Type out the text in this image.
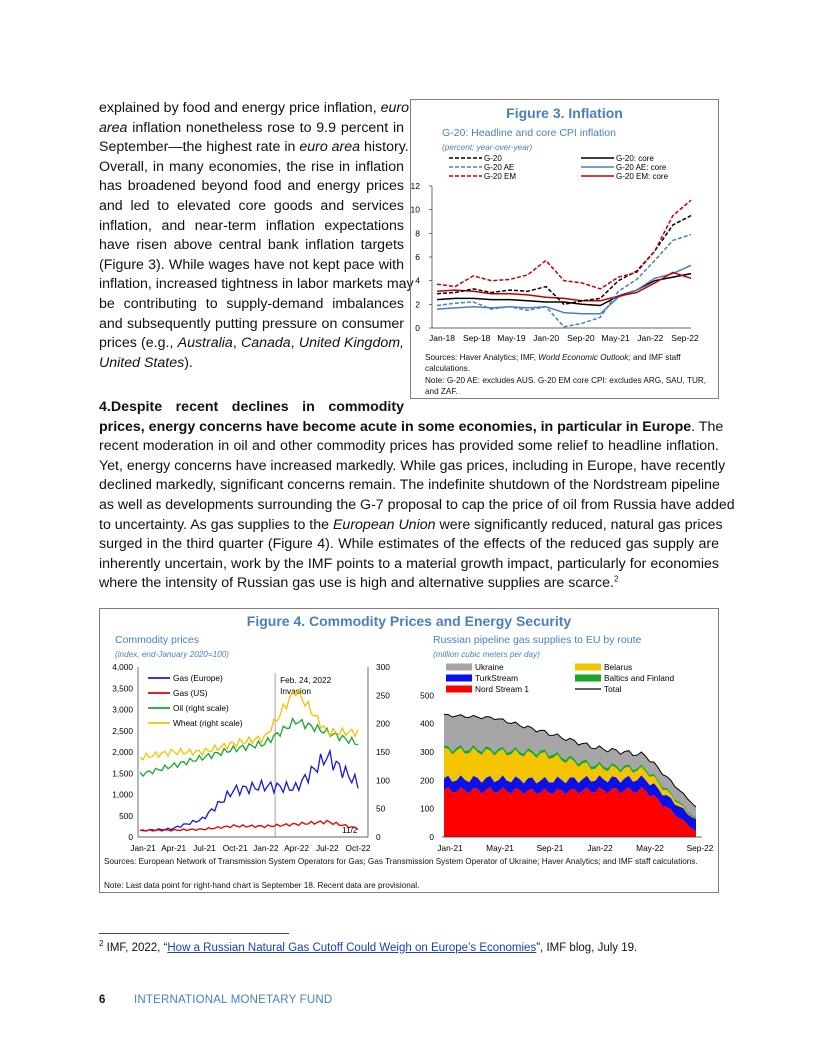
explained by food and energy price inflation, euro
area inflation nonetheless rose to 9.9 percent in
September—the highest rate in euro area history.
Overall, in many economies, the rise in inflation
has broadened beyond food and energy prices
and led to elevated core goods and services
inflation, and near-term inflation expectations
have risen above central bank inflation targets
(Figure 3). While wages have not kept pace with
inflation, increased tightness in labor markets may
be contributing to supply-demand imbalances
and subsequently putting pressure on consumer
prices (e.g., Australia, Canada, United Kingdom,
United States).
Figure 3. Inflation
G-20: Headline and core CPI inflation
(percent; year-over-year)
0
2
4
6
8
10
12
Jan-18 Sep-18 May-19 Jan-20 Sep-20 May-21 Jan-22 Sep-22
G-20	G-20: core
G-20 AE	G-20 AE: core
G-20 EM	G-20 EM: core
Sources: Haver Analytics; IMF, World Economic Outlook; and IMF staff calculations.
Note: G-20 AE: excludes AUS. G-20 EM core CPI: excludes ARG, SAU, TUR, and ZAF.
4.Despite recent declines in commodity
prices, energy concerns have become acute in some economies, in particular in Europe. The
recent moderation in oil and other commodity prices has provided some relief to headline inflation.
Yet, energy concerns have increased markedly. While gas prices, including in Europe, have recently
declined markedly, significant concerns remain. The indefinite shutdown of the Nordstream pipeline
as well as developments surrounding the G-7 proposal to cap the price of oil from Russia have added
to uncertainty. As gas supplies to the European Union were significantly reduced, natural gas prices
surged in the third quarter (Figure 4). While estimates of the effects of the reduced gas supply are
inherently uncertain, work by the IMF points to a material growth impact, particularly for economies
where the intensity of Russian gas use is high and alternative supplies are scarce.$^2$
Figure 4. Commodity Prices and Energy Security
Commodity prices
(index, end-January 2020=100)
Russian pipeline gas supplies to EU by route
(million cubic meters per day)
0
500
1,000
1,500
2,000
2,500
3,000
3,500
4,000
0
50
100
150
200
250
300
Jan-21 Apr-21 Jul-21 Oct-21 Jan-22 Apr-22 Jul-22 Oct-22
Feb. 24, 2022
Invasion
11/2
Gas (Europe)
Gas (US)
Oil (right scale)
Wheat (right scale)
0
100
200
300
400
500
Jan-21	May-21	Sep-21	Jan-22	May-22	Sep-22
Ukraine	Belarus
TurkStream	Baltics and Finland
Nord Stream 1	Total
Sources: European Network of Transmission System Operators for Gas; Gas Transmission System Operator of Ukraine; Haver Analytics; and IMF staff calculations.
Note: Last data point for right-hand chart is September 18. Recent data are provisional.
$^2$ IMF, 2022, “How a Russian Natural Gas Cutoff Could Weigh on Europe’s Economies”, IMF blog, July 19.
6 INTERNATIONAL MONETARY FUND
